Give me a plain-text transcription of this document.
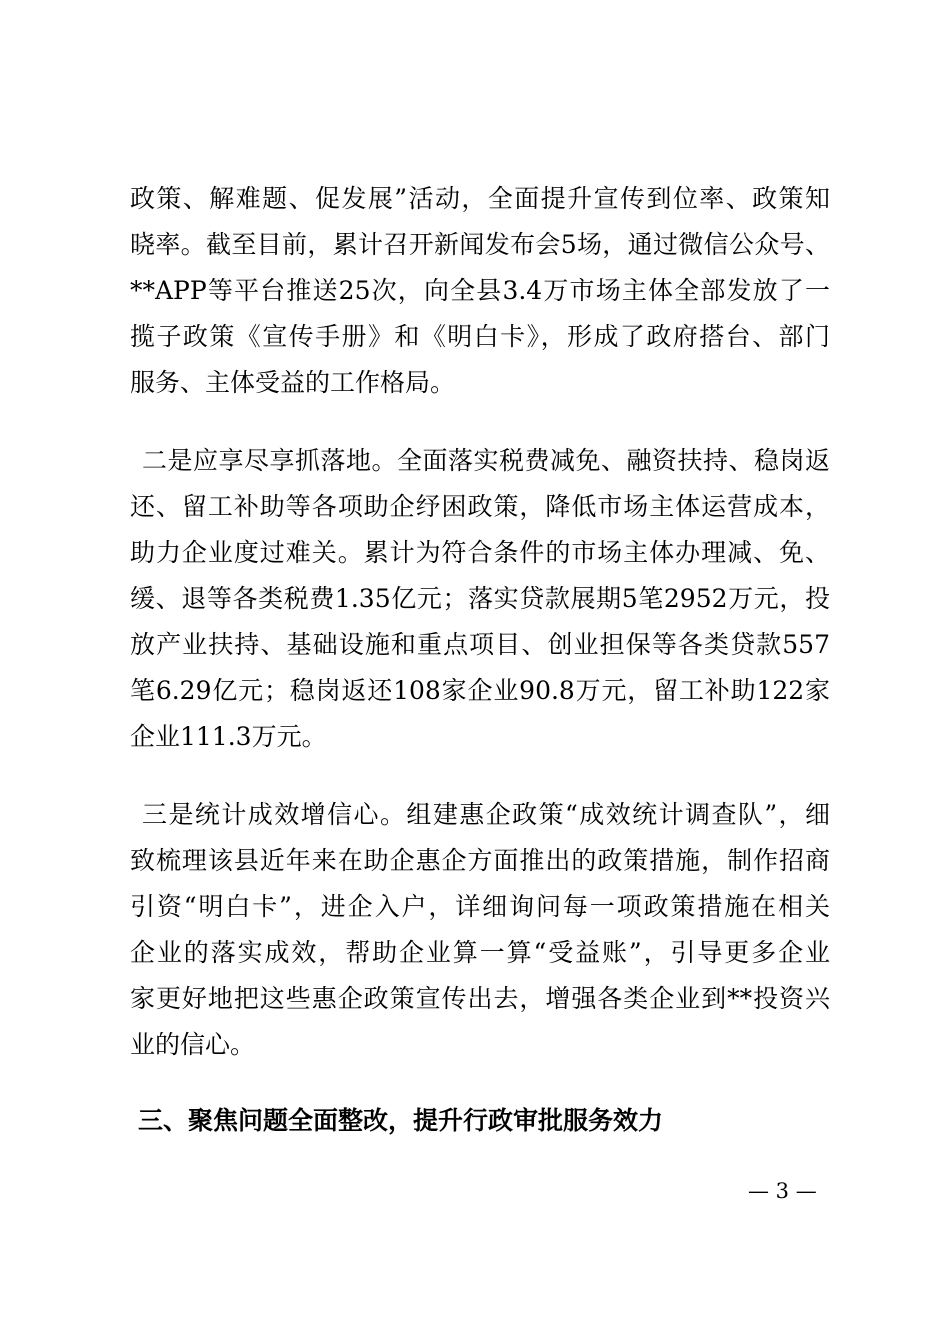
政策、解难题、促发展”活动，全面提升宣传到位率、政策知
晓率。截至目前，累计召开新闻发布会5场，通过微信公众号、
**APP等平台推送25次，向全县3.4万市场主体全部发放了一
揽子政策《宣传手册》和《明白卡》，形成了政府搭台、部门
服务、主体受益的工作格局。
二是应享尽享抓落地。全面落实税费减免、融资扶持、稳岗返
还、留工补助等各项助企纾困政策，降低市场主体运营成本，
助力企业度过难关。累计为符合条件的市场主体办理减、免、
缓、退等各类税费1.35亿元；落实贷款展期5笔2952万元，投
放产业扶持、基础设施和重点项目、创业担保等各类贷款557
笔6.29亿元；稳岗返还108家企业90.8万元，留工补助122家
企业111.3万元。
三是统计成效增信心。组建惠企政策“成效统计调查队”，细
致梳理该县近年来在助企惠企方面推出的政策措施，制作招商
引资“明白卡”，进企入户，详细询问每一项政策措施在相关
企业的落实成效，帮助企业算一算“受益账”，引导更多企业
家更好地把这些惠企政策宣传出去，增强各类企业到**投资兴
业的信心。
三、聚焦问题全面整改，提升行政审批服务效力
— 3 —
